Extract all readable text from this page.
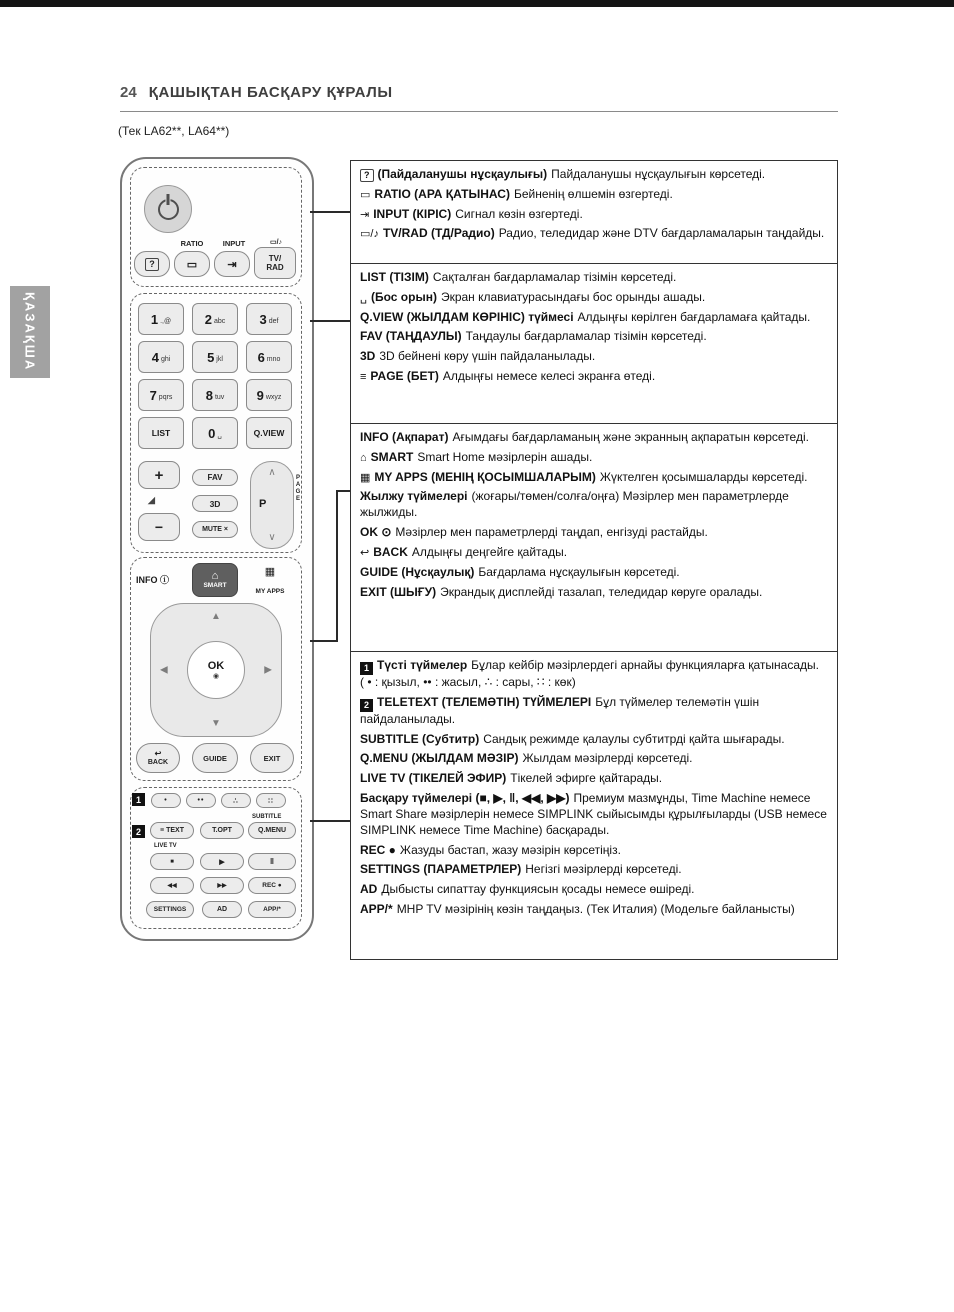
24 ҚАШЫҚТАН БАСҚАРУ ҚҰРАЛЫ
(Тек LA62**, LA64**)
ҚАЗАҚША
RATIO	INPUT	▭/♪
?	▭	⇥
TV/
RAD
1 .,@	2 abc	3 def
4 ghi	5 jkl	6 mno
7 pqrs	8 tuv 9 wxyz
LIST	0 ␣	Q.VIEW
+
◢
−
FAV
3D
MUTE ×
∧
P
∨
PAGE
INFO ⓘ	⌂
SMART
▦
MY APPS
▲
▼
◀	▶
OK
◉
↩
BACK	GUIDE	EXIT
1	•	••	∴	∷
SUBTITLE
2	≡ TEXT	T.OPT	Q.MENU
LIVE TV
■	▶	‖
◀◀	▶▶	REC ●
SETTINGS	AD	APP/*

? (Пайдаланушы нұсқаулығы) Пайдаланушы нұсқаулығын көрсетеді.

▭ RATIO (АРА ҚАТЫНАС) Бейненің өлшемін өзгертеді.

⇥ INPUT (КІРІС) Сигнал көзін өзгертеді.

▭/♪ TV/RAD (ТД/Радио) Радио, теледидар және DTV бағдарламаларын таңдайды.

LIST (ТІЗІМ) Сақталған бағдарламалар тізімін көрсетеді.

␣ (Бос орын) Экран клавиатурасындағы бос орынды ашады.

Q.VIEW (ЖЫЛДАМ КӨРІНІС) түймесі Алдыңғы көрілген бағдарламаға қайтады.

FAV (ТАҢДАУЛЫ) Таңдаулы бағдарламалар тізімін көрсетеді.

3D 3D бейнені көру үшін пайдаланылады.

≡ PAGE (БЕТ) Алдыңғы немесе келесі экранға өтеді.

INFO (Ақпарат) Ағымдағы бағдарламаның және экранның ақпаратын көрсетеді.

⌂ SMART Smart Home мәзірлерін ашады.

▦ MY APPS (МЕНІҢ ҚОСЫМШАЛАРЫМ) Жүктелген қосымшаларды көрсетеді.

Жылжу түймелері (жоғары/төмен/солға/оңға) Мәзірлер мен параметрлерде жылжиды.

OK ⊙ Мәзірлер мен параметрлерді таңдап, енгізуді растайды.

↩ BACK Алдыңғы деңгейге қайтады.

GUIDE (Нұсқаулық) Бағдарлама нұсқаулығын көрсетеді.

EXIT (ШЫҒУ) Экрандық дисплейді тазалап, теледидар көруге оралады.

1 Түсті түймелер Бұлар кейбір мәзірлердегі арнайы функцияларға қатынасады.
( • : қызыл, •• : жасыл, ∴ : сары, ∷ : көк)

2 TELETEXT (ТЕЛЕМӘТІН) ТҮЙМЕЛЕРІ Бұл түймелер телемәтін үшін пайдаланылады.

SUBTITLE (Субтитр) Сандық режимде қалаулы субтитрді қайта шығарады.

Q.MENU (ЖЫЛДАМ МӘЗІР) Жылдам мәзірлерді көрсетеді.

LIVE TV (ТІКЕЛЕЙ ЭФИР) Тікелей эфирге қайтарады.

Басқару түймелері (■, ▶, ‖, ◀◀, ▶▶) Премиум мазмұнды, Time Machine немесе Smart Share мәзірлерін немесе SIMPLINK сыйысымды құрылғыларды (USB немесе SIMPLINK немесе Time Machine) басқарады.

REC ● Жазуды бастап, жазу мәзірін көрсетіңіз.

SETTINGS (ПАРАМЕТРЛЕР) Негізгі мәзірлерді көрсетеді.

AD Дыбысты сипаттау функциясын қосады немесе өшіреді.

APP/* MHP TV мәзірінің көзін таңдаңыз. (Тек Италия) (Модельге байланысты)
